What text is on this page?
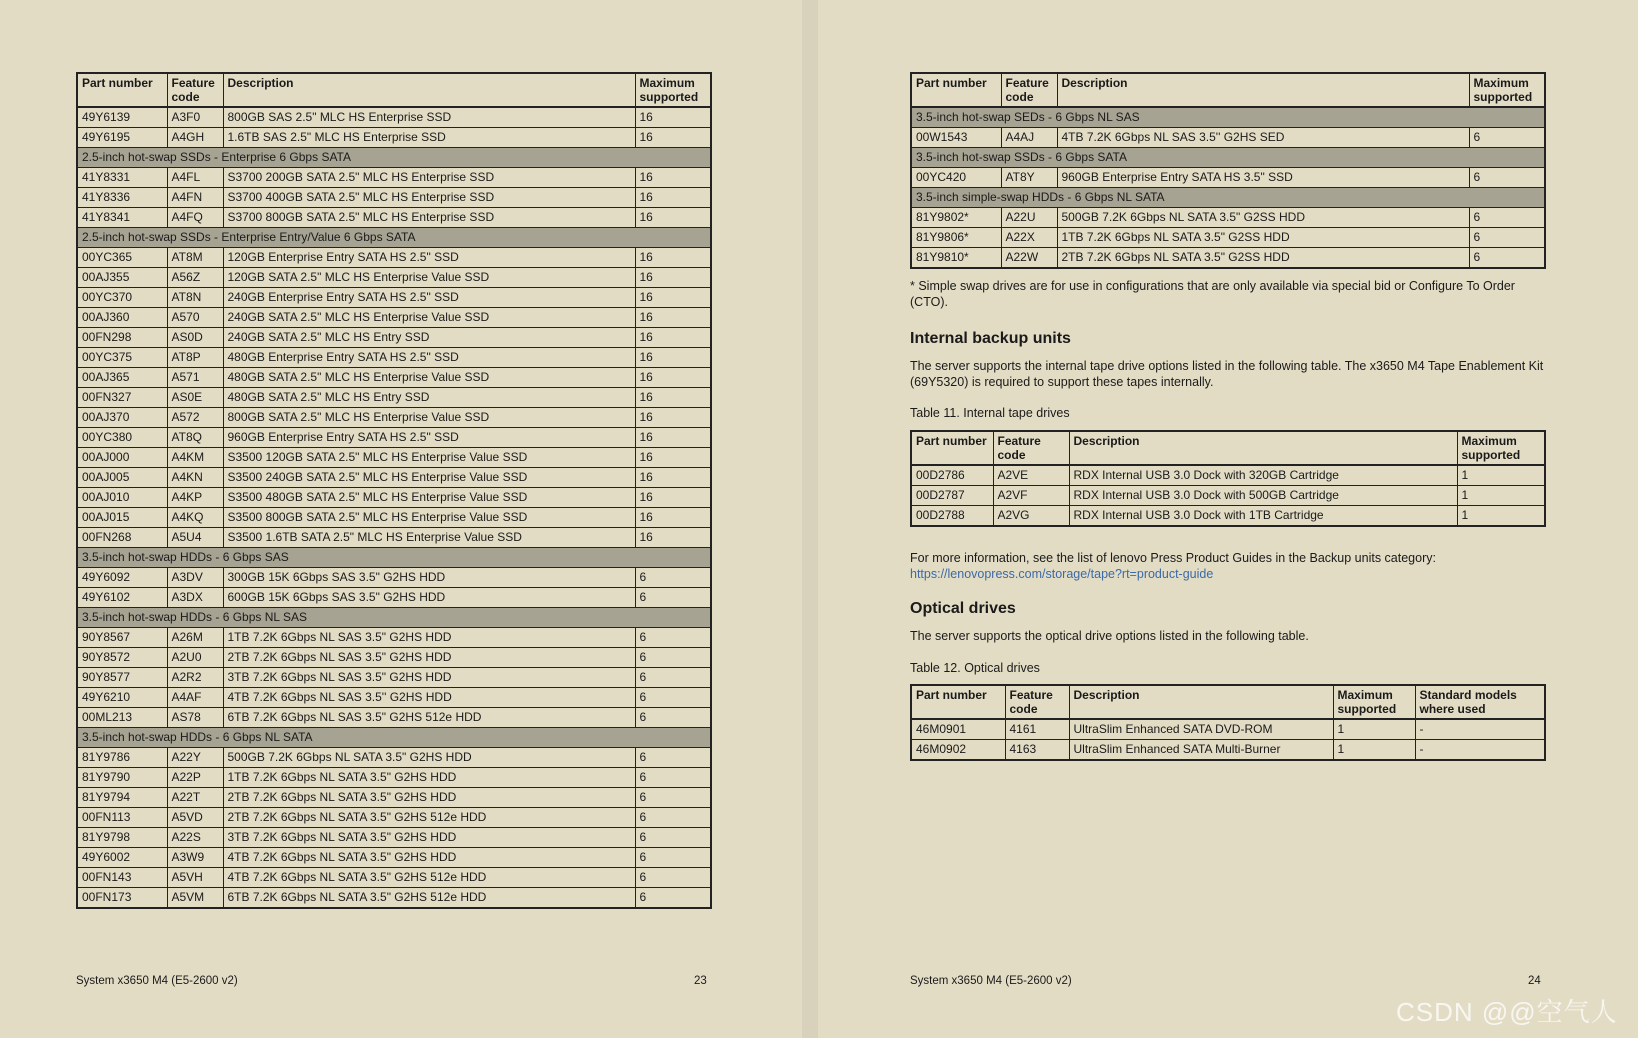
Part number	Feature code	Description	Maximum supported
49Y6139	A3F0	800GB SAS 2.5" MLC HS Enterprise SSD	16
49Y6195	A4GH	1.6TB SAS 2.5" MLC HS Enterprise SSD	16
2.5-inch hot-swap SSDs - Enterprise 6 Gbps SATA			
41Y8331	A4FL	S3700 200GB SATA 2.5" MLC HS Enterprise SSD	16
41Y8336	A4FN	S3700 400GB SATA 2.5" MLC HS Enterprise SSD	16
41Y8341	A4FQ	S3700 800GB SATA 2.5" MLC HS Enterprise SSD	16
2.5-inch hot-swap SSDs - Enterprise Entry/Value 6 Gbps SATA			
00YC365	AT8M	120GB Enterprise Entry SATA HS 2.5" SSD	16
00AJ355	A56Z	120GB SATA 2.5" MLC HS Enterprise Value SSD	16
00YC370	AT8N	240GB Enterprise Entry SATA HS 2.5" SSD	16
00AJ360	A570	240GB SATA 2.5" MLC HS Enterprise Value SSD	16
00FN298	AS0D	240GB SATA 2.5" MLC HS Entry SSD	16
00YC375	AT8P	480GB Enterprise Entry SATA HS 2.5" SSD	16
00AJ365	A571	480GB SATA 2.5" MLC HS Enterprise Value SSD	16
00FN327	AS0E	480GB SATA 2.5" MLC HS Entry SSD	16
00AJ370	A572	800GB SATA 2.5" MLC HS Enterprise Value SSD	16
00YC380	AT8Q	960GB Enterprise Entry SATA HS 2.5" SSD	16
00AJ000	A4KM	S3500 120GB SATA 2.5" MLC HS Enterprise Value SSD	16
00AJ005	A4KN	S3500 240GB SATA 2.5" MLC HS Enterprise Value SSD	16
00AJ010	A4KP	S3500 480GB SATA 2.5" MLC HS Enterprise Value SSD	16
00AJ015	A4KQ	S3500 800GB SATA 2.5" MLC HS Enterprise Value SSD	16
00FN268	A5U4	S3500 1.6TB SATA 2.5" MLC HS Enterprise Value SSD	16
3.5-inch hot-swap HDDs - 6 Gbps SAS			
49Y6092	A3DV	300GB 15K 6Gbps SAS 3.5" G2HS HDD	6
49Y6102	A3DX	600GB 15K 6Gbps SAS 3.5" G2HS HDD	6
3.5-inch hot-swap HDDs - 6 Gbps NL SAS			
90Y8567	A26M	1TB 7.2K 6Gbps NL SAS 3.5" G2HS HDD	6
90Y8572	A2U0	2TB 7.2K 6Gbps NL SAS 3.5" G2HS HDD	6
90Y8577	A2R2	3TB 7.2K 6Gbps NL SAS 3.5" G2HS HDD	6
49Y6210	A4AF	4TB 7.2K 6Gbps NL SAS 3.5'' G2HS HDD	6
00ML213	AS78	6TB 7.2K 6Gbps NL SAS 3.5" G2HS 512e HDD	6
3.5-inch hot-swap HDDs - 6 Gbps NL SATA			
81Y9786	A22Y	500GB 7.2K 6Gbps NL SATA 3.5" G2HS HDD	6
81Y9790	A22P	1TB 7.2K 6Gbps NL SATA 3.5" G2HS HDD	6
81Y9794	A22T	2TB 7.2K 6Gbps NL SATA 3.5" G2HS HDD	6
00FN113	A5VD	2TB 7.2K 6Gbps NL SATA 3.5" G2HS 512e HDD	6
81Y9798	A22S	3TB 7.2K 6Gbps NL SATA 3.5" G2HS HDD	6
49Y6002	A3W9	4TB 7.2K 6Gbps NL SATA 3.5" G2HS HDD	6
00FN143	A5VH	4TB 7.2K 6Gbps NL SATA 3.5" G2HS 512e HDD	6
00FN173	A5VM	6TB 7.2K 6Gbps NL SATA 3.5" G2HS 512e HDD	6
System x3650 M4 (E5-2600 v2)	23
Part number	Feature code	Description	Maximum supported
3.5-inch hot-swap SEDs - 6 Gbps NL SAS			
00W1543	A4AJ	4TB 7.2K 6Gbps NL SAS 3.5'' G2HS SED	6
3.5-inch hot-swap SSDs - 6 Gbps SATA			
00YC420	AT8Y	960GB Enterprise Entry SATA HS 3.5" SSD	6
3.5-inch simple-swap HDDs - 6 Gbps NL SATA			
81Y9802*	A22U	500GB 7.2K 6Gbps NL SATA 3.5" G2SS HDD	6
81Y9806*	A22X	1TB 7.2K 6Gbps NL SATA 3.5" G2SS HDD	6
81Y9810*	A22W	2TB 7.2K 6Gbps NL SATA 3.5" G2SS HDD	6
* Simple swap drives are for use in configurations that are only available via special bid or Configure To Order (CTO).
Internal backup units
The server supports the internal tape drive options listed in the following table. The x3650 M4 Tape Enablement Kit (69Y5320) is required to support these tapes internally.
Table 11. Internal tape drives
Part number	Feature code	Description	Maximum supported
00D2786	A2VE	RDX Internal USB 3.0 Dock with 320GB Cartridge	1
00D2787	A2VF	RDX Internal USB 3.0 Dock with 500GB Cartridge	1
00D2788	A2VG	RDX Internal USB 3.0 Dock with 1TB Cartridge	1
For more information, see the list of lenovo Press Product Guides in the Backup units category:
https://lenovopress.com/storage/tape?rt=product-guide
Optical drives
The server supports the optical drive options listed in the following table.
Table 12. Optical drives
Part number	Feature code	Description	Maximum supported	Standard models where used
46M0901	4161	UltraSlim Enhanced SATA DVD-ROM	1	-
46M0902	4163	UltraSlim Enhanced SATA Multi-Burner	1	-
System x3650 M4 (E5-2600 v2)	24
CSDN @@空气人
